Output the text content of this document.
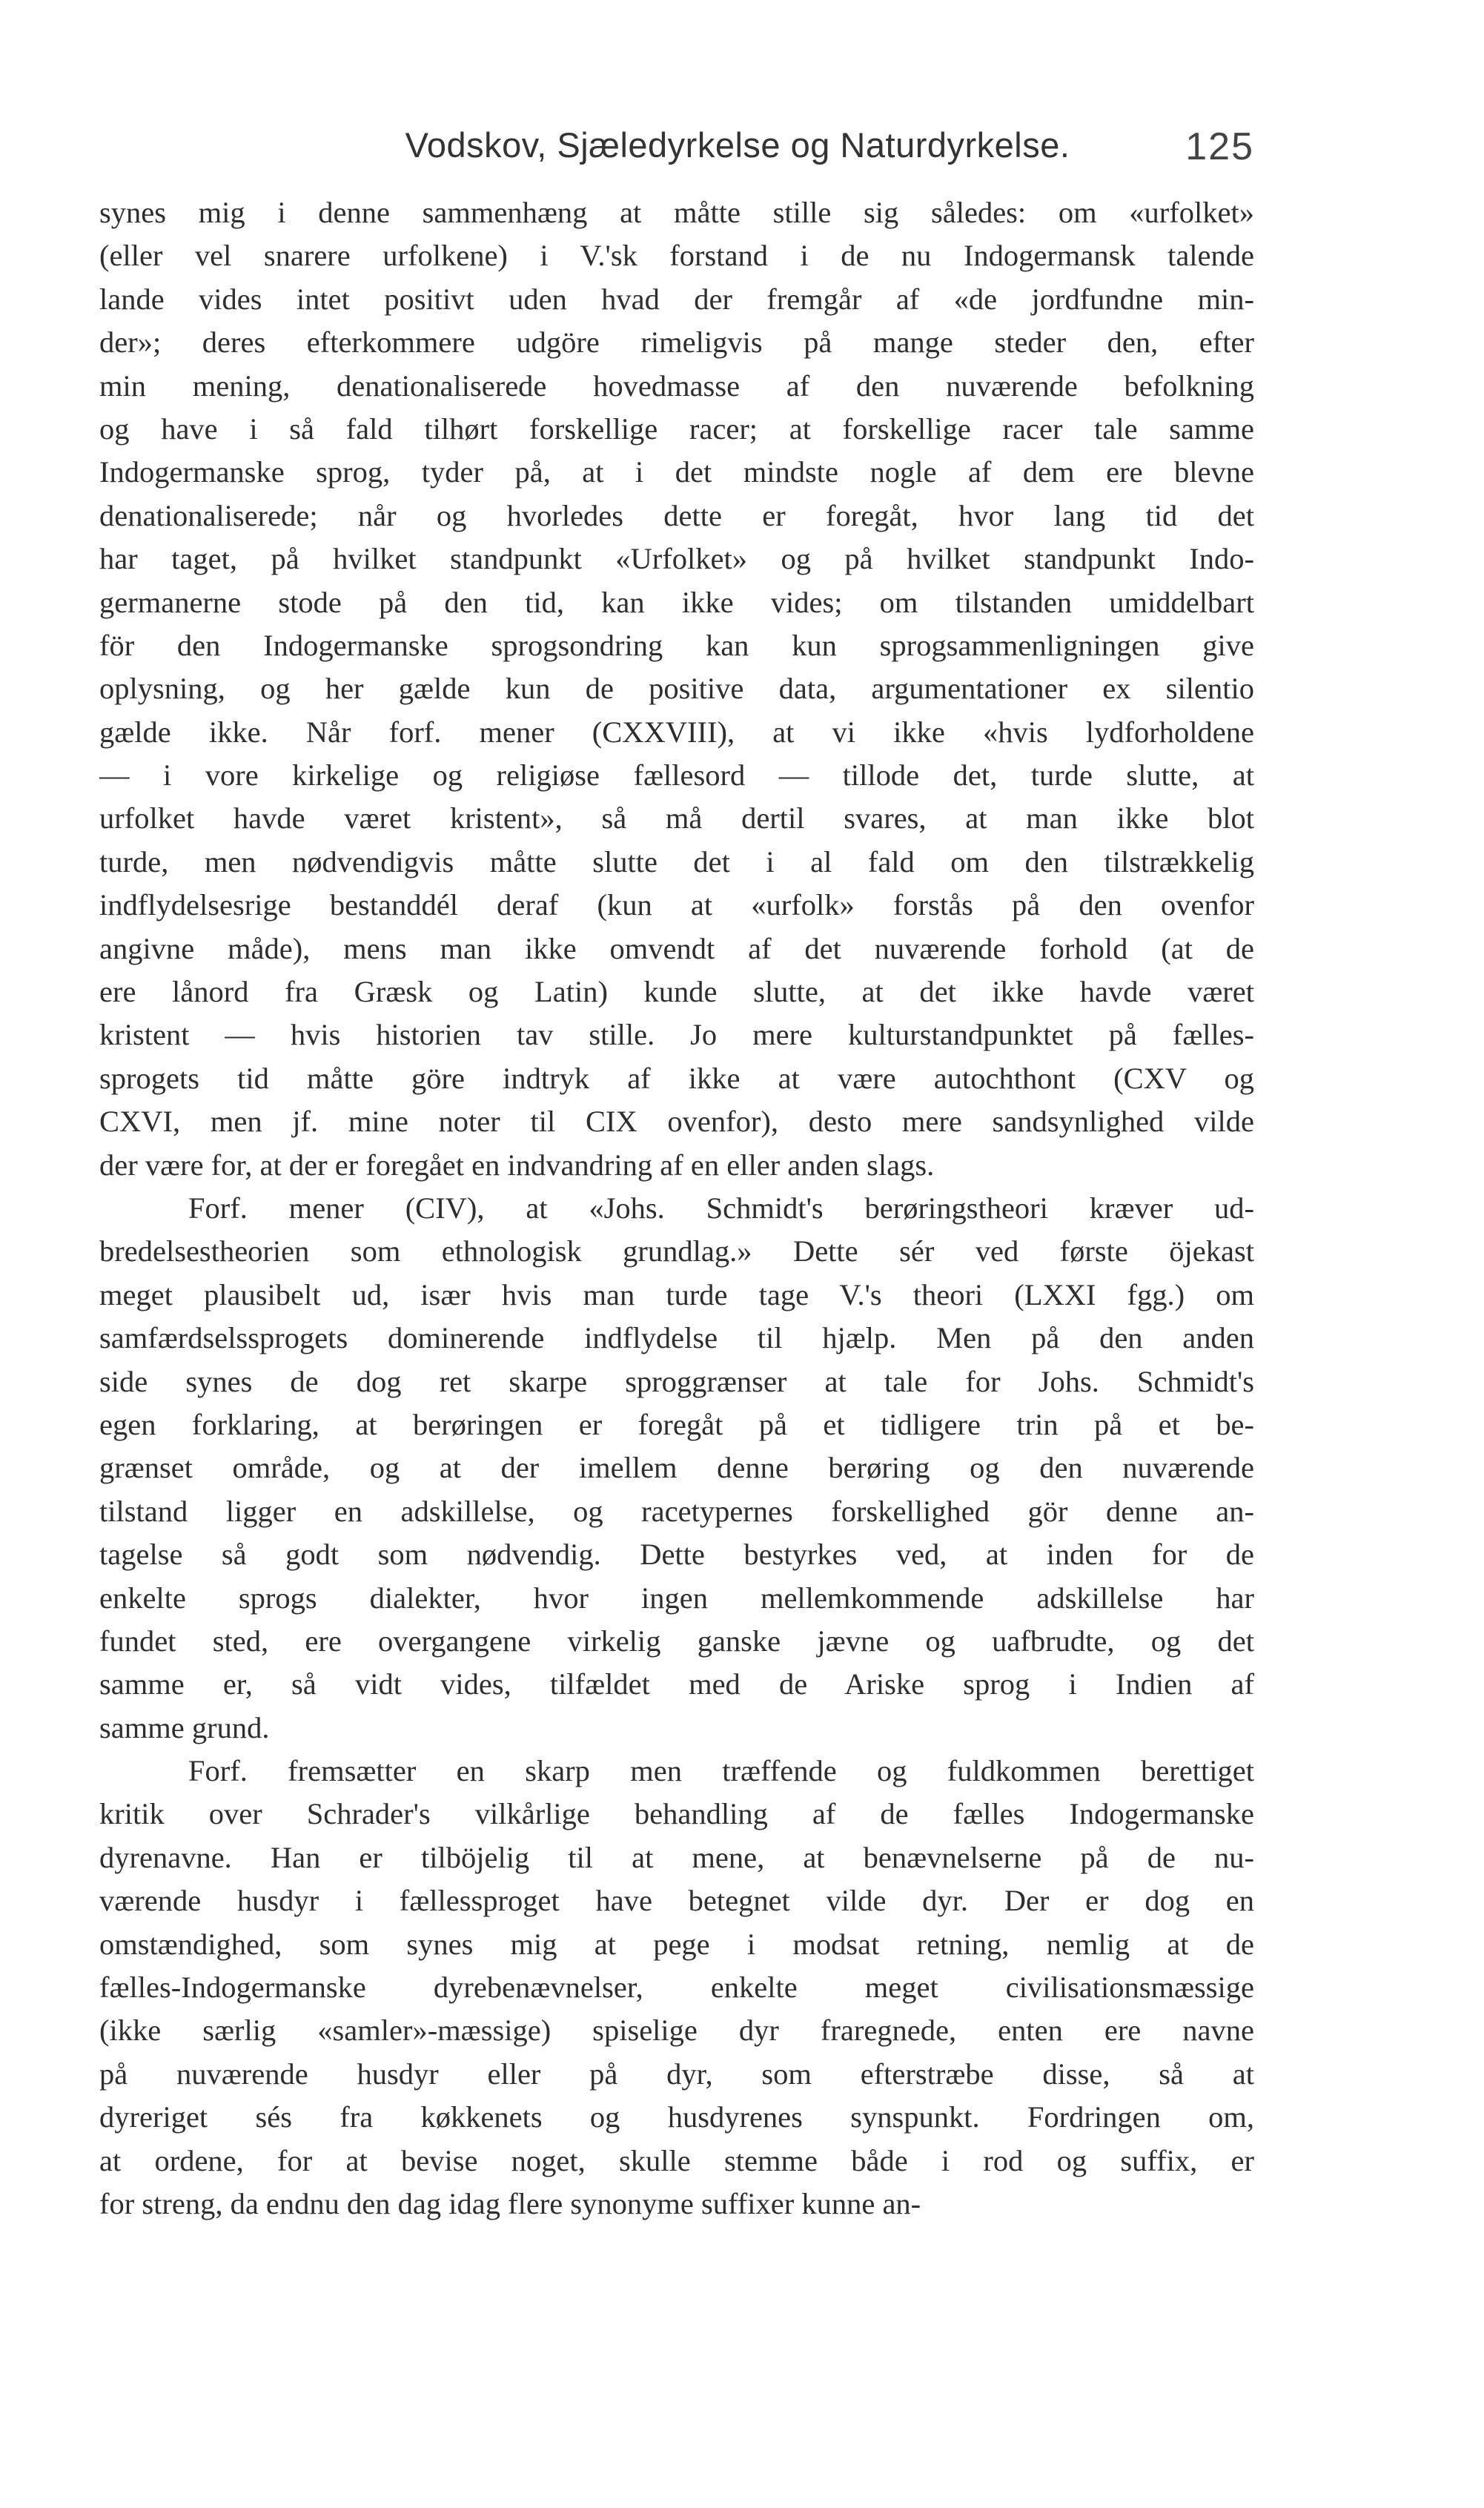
Vodskov, Sjæledyrkelse og Naturdyrkelse.	125
synes mig i denne sammenhæng at måtte stille sig således: om «urfolket»
(eller vel snarere urfolkene) i V.'sk forstand i de nu Indogermansk talende
lande vides intet positivt uden hvad der fremgår af «de jordfundne min-
der»; deres efterkommere udgöre rimeligvis på mange steder den, efter
min mening, denationaliserede hovedmasse af den nuværende befolkning
og have i så fald tilhørt forskellige racer; at forskellige racer tale samme
Indogermanske sprog, tyder på, at i det mindste nogle af dem ere blevne
denationaliserede; når og hvorledes dette er foregåt, hvor lang tid det
har taget, på hvilket standpunkt «Urfolket» og på hvilket standpunkt Indo-
germanerne stode på den tid, kan ikke vides; om tilstanden umiddelbart
för den Indogermanske sprogsondring kan kun sprogsammenligningen give
oplysning, og her gælde kun de positive data, argumentationer ex silentio
gælde ikke. Når forf. mener (CXXVIII), at vi ikke «hvis lydforholdene
— i vore kirkelige og religiøse fællesord — tillode det, turde slutte, at
urfolket havde været kristent», så må dertil svares, at man ikke blot
turde, men nødvendigvis måtte slutte det i al fald om den tilstrækkelig
indflydelsesrige bestanddél deraf (kun at «urfolk» forstås på den ovenfor
angivne måde), mens man ikke omvendt af det nuværende forhold (at de
ere lånord fra Græsk og Latin) kunde slutte, at det ikke havde været
kristent — hvis historien tav stille. Jo mere kulturstandpunktet på fælles-
sprogets tid måtte göre indtryk af ikke at være autochthont (CXV og
CXVI, men jf. mine noter til CIX ovenfor), desto mere sandsynlighed vilde
der være for, at der er foregået en indvandring af en eller anden slags.
Forf. mener (CIV), at «Johs. Schmidt's berøringstheori kræver ud-
bredelsestheorien som ethnologisk grundlag.» Dette sér ved første öjekast
meget plausibelt ud, især hvis man turde tage V.'s theori (LXXI fgg.) om
samfærdselssprogets dominerende indflydelse til hjælp. Men på den anden
side synes de dog ret skarpe sproggrænser at tale for Johs. Schmidt's
egen forklaring, at berøringen er foregåt på et tidligere trin på et be-
grænset område, og at der imellem denne berøring og den nuværende
tilstand ligger en adskillelse, og racetypernes forskellighed gör denne an-
tagelse så godt som nødvendig. Dette bestyrkes ved, at inden for de
enkelte sprogs dialekter, hvor ingen mellemkommende adskillelse har
fundet sted, ere overgangene virkelig ganske jævne og uafbrudte, og det
samme er, så vidt vides, tilfældet med de Ariske sprog i Indien af
samme grund.
Forf. fremsætter en skarp men træffende og fuldkommen berettiget
kritik over Schrader's vilkårlige behandling af de fælles Indogermanske
dyrenavne. Han er tilböjelig til at mene, at benævnelserne på de nu-
værende husdyr i fællessproget have betegnet vilde dyr. Der er dog en
omstændighed, som synes mig at pege i modsat retning, nemlig at de
fælles-Indogermanske dyrebenævnelser, enkelte meget civilisationsmæssige
(ikke særlig «samler»-mæssige) spiselige dyr fraregnede, enten ere navne
på nuværende husdyr eller på dyr, som efterstræbe disse, så at
dyreriget sés fra køkkenets og husdyrenes synspunkt. Fordringen om,
at ordene, for at bevise noget, skulle stemme både i rod og suffix, er
for streng, da endnu den dag idag flere synonyme suffixer kunne an-
